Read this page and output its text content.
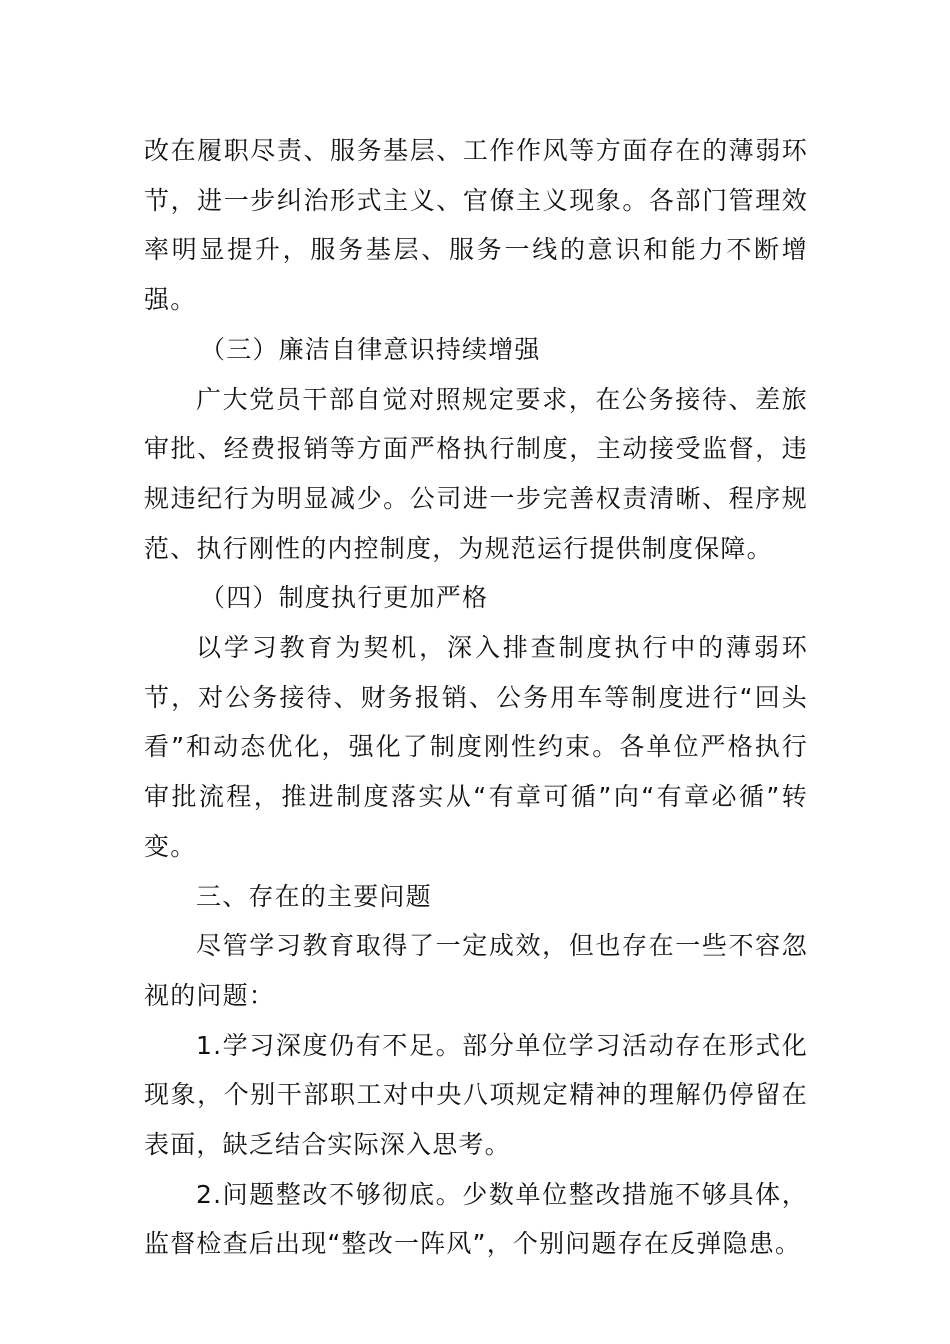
改在履职尽责、服务基层、工作作风等方面存在的薄弱环节，进一步纠治形式主义、官僚主义现象。各部门管理效率明显提升，服务基层、服务一线的意识和能力不断增强。

（三）廉洁自律意识持续增强

广大党员干部自觉对照规定要求，在公务接待、差旅审批、经费报销等方面严格执行制度，主动接受监督，违规违纪行为明显减少。公司进一步完善权责清晰、程序规范、执行刚性的内控制度，为规范运行提供制度保障。

（四）制度执行更加严格

以学习教育为契机，深入排查制度执行中的薄弱环节，对公务接待、财务报销、公务用车等制度进行“回头看”和动态优化，强化了制度刚性约束。各单位严格执行审批流程，推进制度落实从“有章可循”向“有章必循”转变。

三、存在的主要问题

尽管学习教育取得了一定成效，但也存在一些不容忽视的问题：

1.学习深度仍有不足。部分单位学习活动存在形式化现象，个别干部职工对中央八项规定精神的理解仍停留在表面，缺乏结合实际深入思考。

2.问题整改不够彻底。少数单位整改措施不够具体，监督检查后出现“整改一阵风”，个别问题存在反弹隐患。
